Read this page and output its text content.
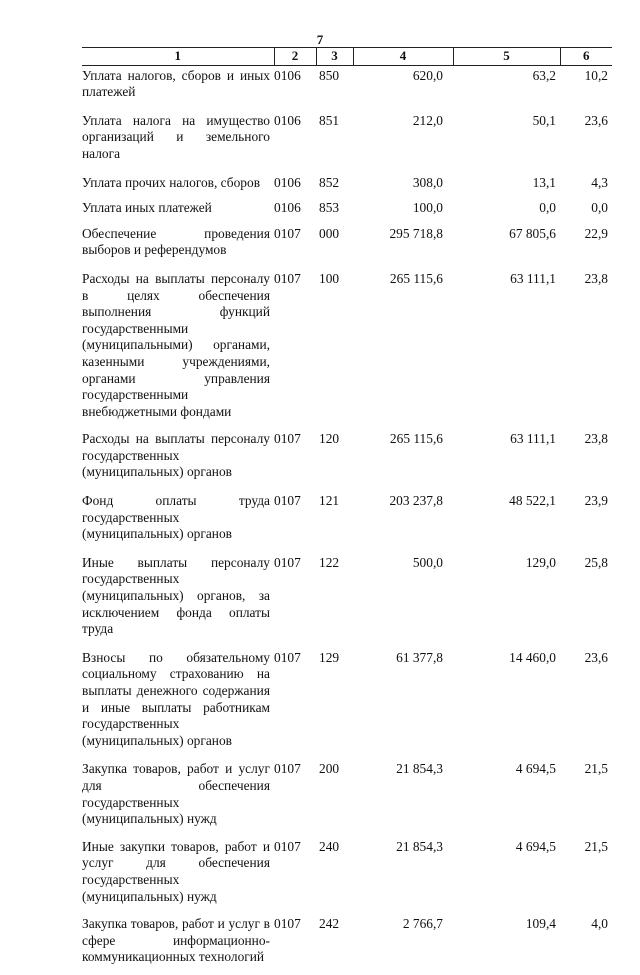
7
1	2	3	4	5	6
Уплата налогов, сборов и иных платежей	0106	850	620,0	63,2	10,2
Уплата налога на имущество организаций и земельного налога	0106	851	212,0	50,1	23,6
Уплата прочих налогов, сборов	0106	852	308,0	13,1	4,3
Уплата иных платежей	0106	853	100,0	0,0	0,0
Обеспечение проведения выборов и референдумов	0107	000	295 718,8	67 805,6	22,9
Расходы на выплаты персоналу в целях обеспечения выполнения функций государственными (муниципальными) органами, казенными учреждениями, органами управления государственными внебюджетными фондами	0107	100	265 115,6	63 111,1	23,8
Расходы на выплаты персоналу государственных (муниципальных) органов	0107	120	265 115,6	63 111,1	23,8
Фонд оплаты труда государственных (муниципальных) органов	0107	121	203 237,8	48 522,1	23,9
Иные выплаты персоналу государственных (муниципальных) органов, за исключением фонда оплаты труда	0107	122	500,0	129,0	25,8
Взносы по обязательному социальному страхованию на выплаты денежного содержания и иные выплаты работникам государственных (муниципальных) органов	0107	129	61 377,8	14 460,0	23,6
Закупка товаров, работ и услуг для обеспечения государственных (муниципальных) нужд	0107	200	21 854,3	4 694,5	21,5
Иные закупки товаров, работ и услуг для обеспечения государственных (муниципальных) нужд	0107	240	21 854,3	4 694,5	21,5
Закупка товаров, работ и услуг в сфере информационно-коммуникационных технологий	0107	242	2 766,7	109,4	4,0
